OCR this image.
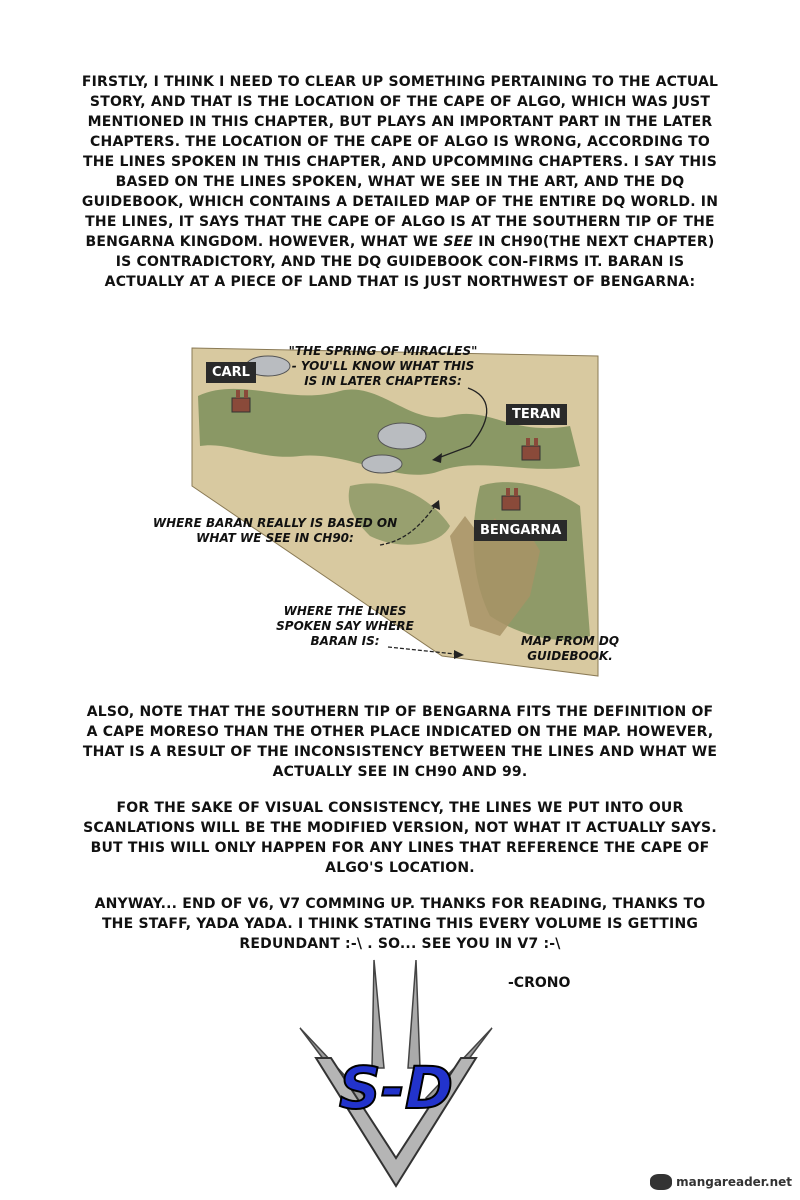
FIRSTLY, I THINK I NEED TO CLEAR UP SOMETHING PERTAINING TO THE ACTUAL STORY, AND THAT IS THE LOCATION OF THE CAPE OF ALGO, WHICH WAS JUST MENTIONED IN THIS CHAPTER, BUT PLAYS AN IMPORTANT PART IN THE LATER CHAPTERS. THE LOCATION OF THE CAPE OF ALGO IS WRONG, ACCORDING TO THE LINES SPOKEN IN THIS CHAPTER, AND UPCOMMING CHAPTERS. I SAY THIS BASED ON THE LINES SPOKEN, WHAT WE SEE IN THE ART, AND THE DQ GUIDEBOOK, WHICH CONTAINS A DETAILED MAP OF THE ENTIRE DQ WORLD. IN THE LINES, IT SAYS THAT THE CAPE OF ALGO IS AT THE SOUTHERN TIP OF THE BENGARNA KINGDOM. HOWEVER, WHAT WE SEE IN CH90(THE NEXT CHAPTER) IS CONTRADICTORY, AND THE DQ GUIDEBOOK CON-FIRMS IT. BARAN IS ACTUALLY AT A PIECE OF LAND THAT IS JUST NORTHWEST OF BENGARNA:

CARL
TERAN
BENGARNA
"THE SPRING OF MIRACLES" - YOU'LL KNOW WHAT THIS IS IN LATER CHAPTERS:
WHERE BARAN REALLY IS BASED ON WHAT WE SEE IN CH90:
WHERE THE LINES SPOKEN SAY WHERE BARAN IS:	MAP FROM DQ GUIDEBOOK.

ALSO, NOTE THAT THE SOUTHERN TIP OF BENGARNA FITS THE DEFINITION OF A CAPE MORESO THAN THE OTHER PLACE INDICATED ON THE MAP. HOWEVER, THAT IS A RESULT OF THE INCONSISTENCY BETWEEN THE LINES AND WHAT WE ACTUALLY SEE IN CH90 AND 99.

FOR THE SAKE OF VISUAL CONSISTENCY, THE LINES WE PUT INTO OUR SCANLATIONS WILL BE THE MODIFIED VERSION, NOT WHAT IT ACTUALLY SAYS. BUT THIS WILL ONLY HAPPEN FOR ANY LINES THAT REFERENCE THE CAPE OF ALGO'S LOCATION.

ANYWAY... END OF V6, V7 COMMING UP. THANKS FOR READING, THANKS TO THE STAFF, YADA YADA. I THINK STATING THIS EVERY VOLUME IS GETTING REDUNDANT :-\ . SO... SEE YOU IN V7 :-\

-CRONO
S-D
mangareader.net
